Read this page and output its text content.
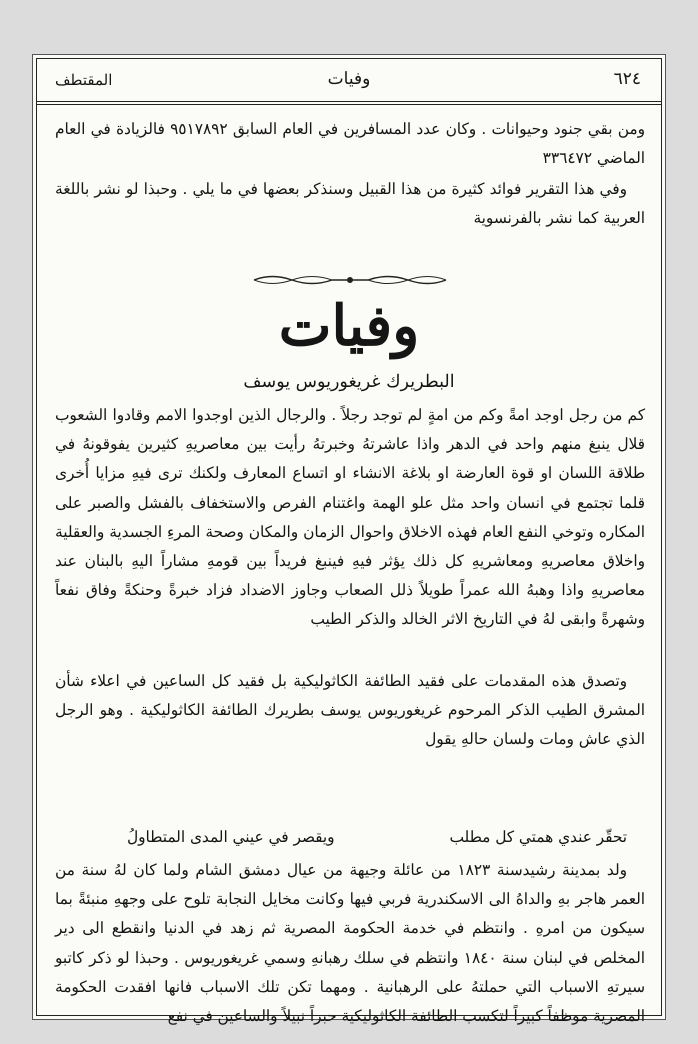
٦٢٤
وفيات
المقتطف

ومن بقي جنود وحيوانات . وكان عدد المسافرين في العام السابق ٩٥١٧٨٩٢ فالزيادة في العام الماضي ٣٣٦٤٧٢

وفي هذا التقرير فوائد كثيرة من هذا القبيل وسنذكر بعضها في ما يلي . وحبذا لو نشر باللغة العربية كما نشر بالفرنسوية

وفيات
البطريرك غريغوريوس يوسف

كم من رجل اوجد امةً وكم من امةٍ لم توجد رجلاً . والرجال الذين اوجدوا الامم وقادوا الشعوب قلال ينبغ منهم واحد في الدهر واذا عاشرتهُ وخبرتهُ رأيت بين معاصريهِ كثيرين يفوقونهُ في طلاقة اللسان او قوة العارضة او بلاغة الانشاء او اتساع المعارف ولكنك ترى فيهِ مزايا أُخرى قلما تجتمع في انسان واحد مثل علو الهمة واغتنام الفرص والاستخفاف بالفشل والصبر على المكاره وتوخي النفع العام فهذه الاخلاق واحوال الزمان والمكان وصحة المرءِ الجسدية والعقلية واخلاق معاصريهِ ومعاشريهِ كل ذلك يؤثر فيهِ فينبغ فريداً بين قومهِ مشاراً اليهِ بالبنان عند معاصريهِ واذا وهبهُ الله عمراً طويلاً ذلل الصعاب وجاوز الاضداد فزاد خبرةً وحنكةً وفاق نفعاً وشهرةً وابقى لهُ في التاريخ الاثر الخالد والذكر الطيب

وتصدق هذه المقدمات على فقيد الطائفة الكاثوليكية بل فقيد كل الساعين في اعلاء شأن المشرق الطيب الذكر المرحوم غريغوريوس يوسف بطريرك الطائفة الكاثوليكية . وهو الرجل الذي عاش ومات ولسان حالهِ يقول

تحقّر عندي همتي كل مطلب
ويقصر في عيني المدى المتطاولُ

ولد بمدينة رشيدسنة ١٨٢٣ من عائلة وجيهة من عيال دمشق الشام ولما كان لهُ سنة من العمر هاجر بهِ والداهُ الى الاسكندرية فربي فيها وكانت مخايل النجابة تلوح على وجههِ منبئةً بما سيكون من امرهِ . وانتظم في خدمة الحكومة المصرية ثم زهد في الدنيا وانقطع الى دير المخلص في لبنان سنة ١٨٤٠ وانتظم في سلك رهبانهِ وسمي غريغوريوس . وحبذا لو ذكر كاتبو سيرتهِ الاسباب التي حملتهُ على الرهبانية . ومهما تكن تلك الاسباب فانها افقدت الحكومة المصرية موظفاً كبيراً لتكسب الطائفة الكاثوليكية حبراً نبيلاً والساعين في نفع
